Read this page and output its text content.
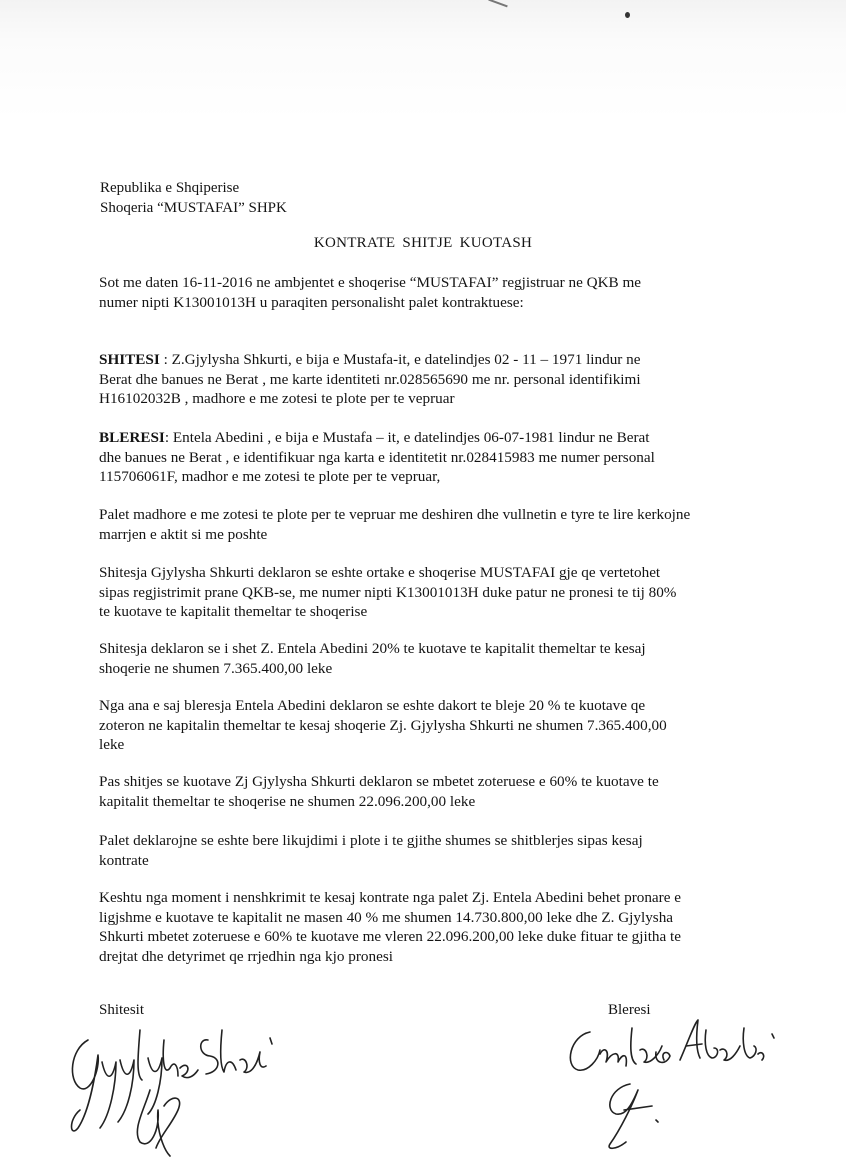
Republika e Shqiperise
Shoqeria “MUSTAFAI” SHPK
KONTRATE SHITJE KUOTASH
Sot me daten 16-11-2016 ne ambjentet e shoqerise “MUSTAFAI” regjistruar ne QKB me
numer nipti K13001013H u paraqiten personalisht palet kontraktuese:
SHITESI : Z.Gjylysha Shkurti, e bija e Mustafa-it, e datelindjes 02 - 11 – 1971 lindur ne
Berat dhe banues ne Berat , me karte identiteti nr.028565690 me nr. personal identifikimi
H16102032B , madhore e me zotesi te plote per te vepruar
BLERESI: Entela Abedini , e bija e Mustafa – it, e datelindjes 06-07-1981 lindur ne Berat
dhe banues ne Berat , e identifikuar nga karta e identitetit nr.028415983 me numer personal
115706061F, madhor e me zotesi te plote per te vepruar,
Palet madhore e me zotesi te plote per te vepruar me deshiren dhe vullnetin e tyre te lire kerkojne
marrjen e aktit si me poshte
Shitesja Gjylysha Shkurti deklaron se eshte ortake e shoqerise MUSTAFAI gje qe vertetohet
sipas regjistrimit prane QKB-se, me numer nipti K13001013H duke patur ne pronesi te tij 80%
te kuotave te kapitalit themeltar te shoqerise
Shitesja deklaron se i shet Z. Entela Abedini 20% te kuotave te kapitalit themeltar te kesaj
shoqerie ne shumen 7.365.400,00 leke
Nga ana e saj bleresja Entela Abedini deklaron se eshte dakort te bleje 20 % te kuotave qe
zoteron ne kapitalin themeltar te kesaj shoqerie Zj. Gjylysha Shkurti ne shumen 7.365.400,00
leke
Pas shitjes se kuotave Zj Gjylysha Shkurti deklaron se mbetet zoteruese e 60% te kuotave te
kapitalit themeltar te shoqerise ne shumen 22.096.200,00 leke
Palet deklarojne se eshte bere likujdimi i plote i te gjithe shumes se shitblerjes sipas kesaj
kontrate
Keshtu nga moment i nenshkrimit te kesaj kontrate nga palet Zj. Entela Abedini behet pronare e
ligjshme e kuotave te kapitalit ne masen 40 % me shumen 14.730.800,00 leke dhe Z. Gjylysha
Shkurti mbetet zoteruese e 60% te kuotave me vleren 22.096.200,00 leke duke fituar te gjitha te
drejtat dhe detyrimet qe rrjedhin nga kjo pronesi
Shitesit	Bleresi
